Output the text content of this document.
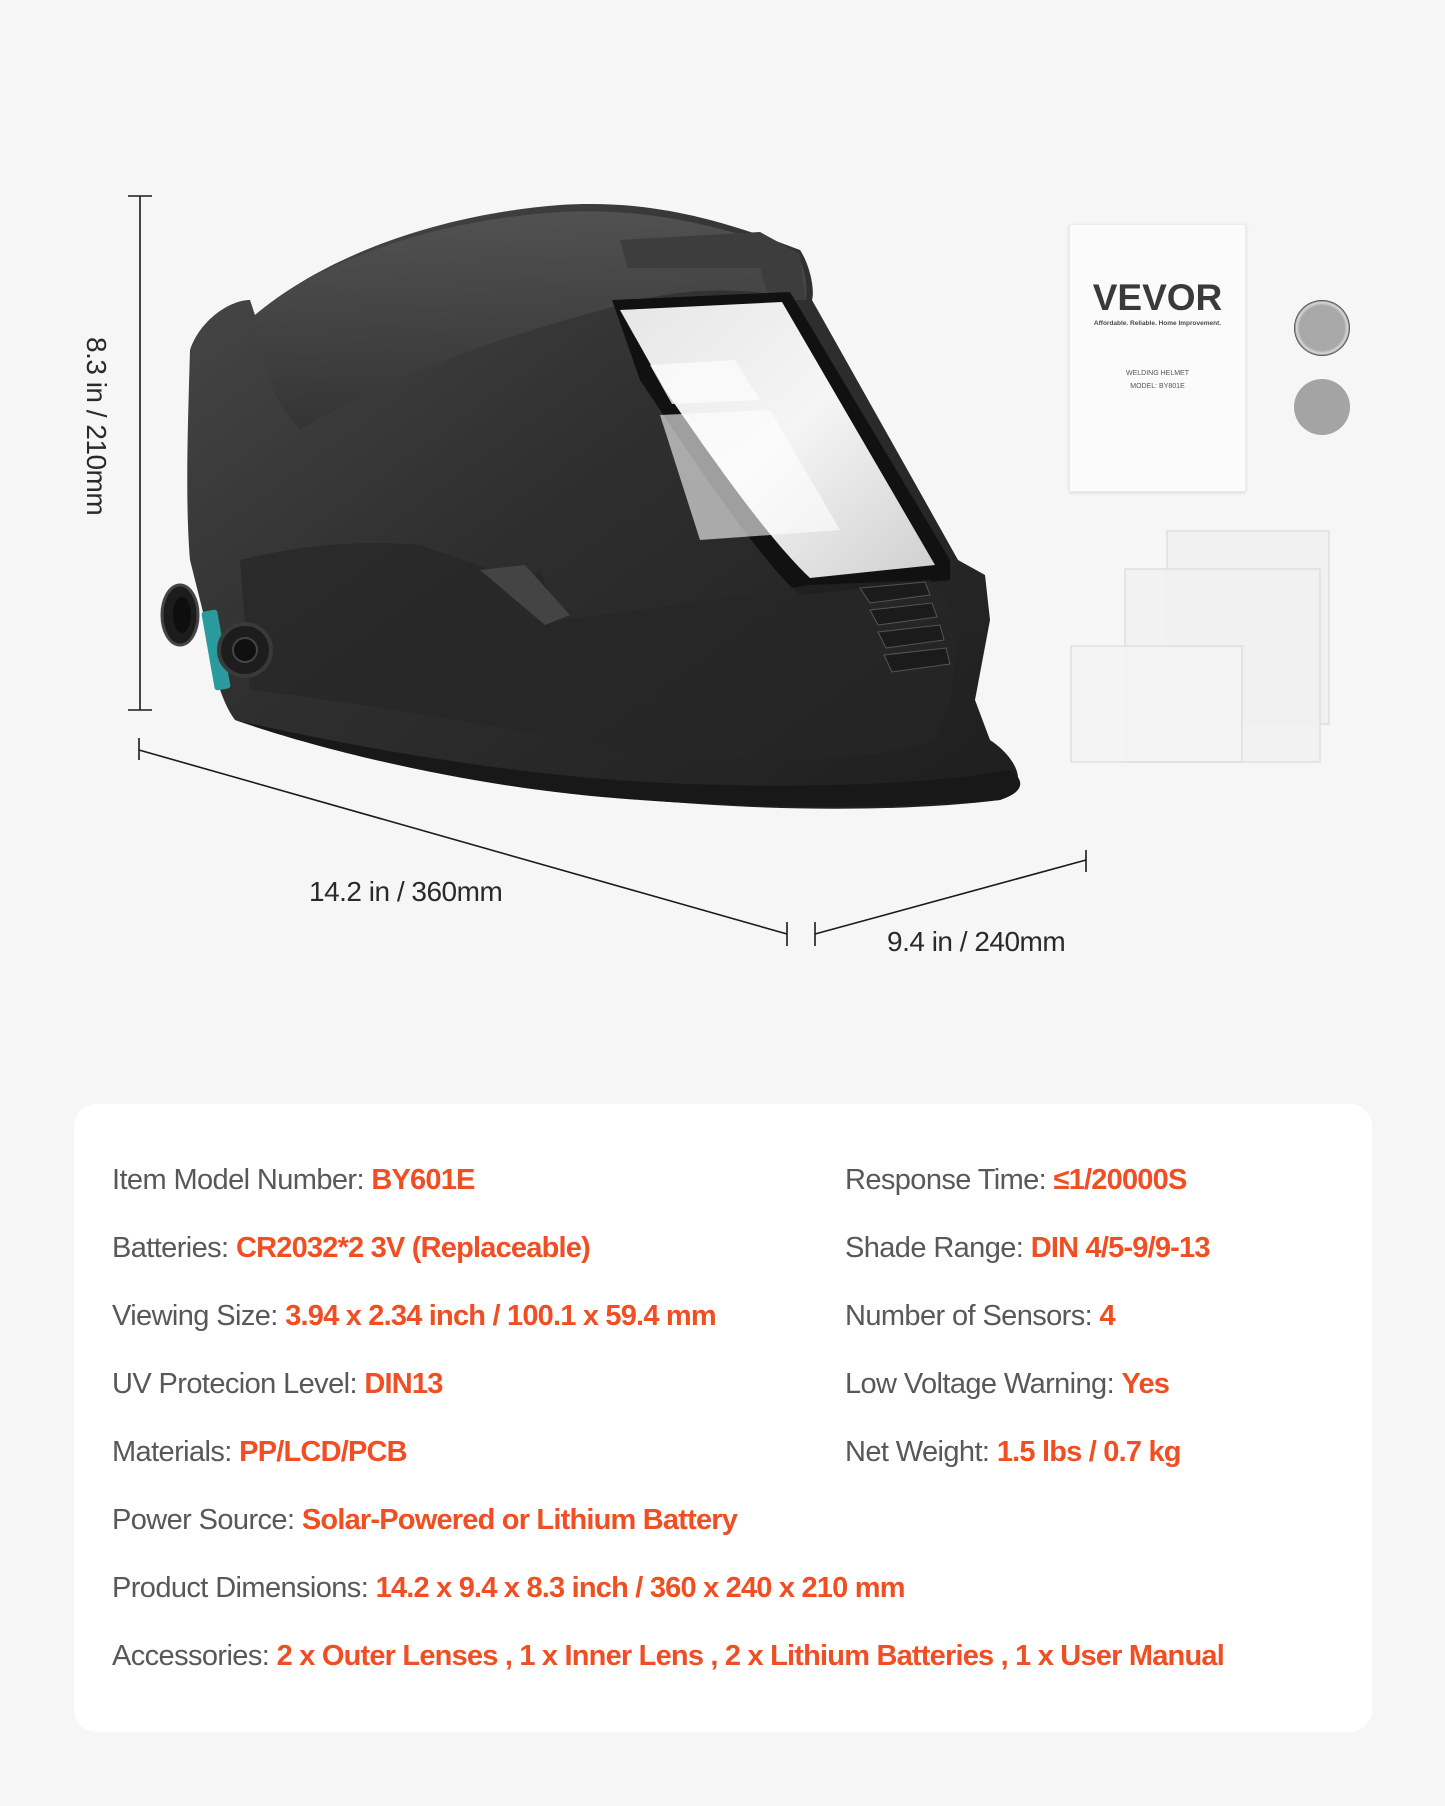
VEVOR
Affordable. Reliable. Home Improvement.
WELDING HELMET
MODEL: BY801E
8.3 in / 210mm
14.2 in / 360mm
9.4 in / 240mm
Item Model Number: BY601E
Batteries: CR2032*2 3V (Replaceable)
Viewing Size: 3.94 x 2.34 inch / 100.1 x 59.4 mm
UV Protecion Level: DIN13
Materials: PP/LCD/PCB
Response Time: ≤1/20000S
Shade Range: DIN 4/5-9/9-13
Number of Sensors: 4
Low Voltage Warning: Yes
Net Weight: 1.5 lbs / 0.7 kg
Power Source: Solar-Powered or Lithium Battery
Product Dimensions: 14.2 x 9.4 x 8.3 inch / 360 x 240 x 210 mm
Accessories: 2 x Outer Lenses , 1 x Inner Lens , 2 x Lithium Batteries , 1 x User Manual
